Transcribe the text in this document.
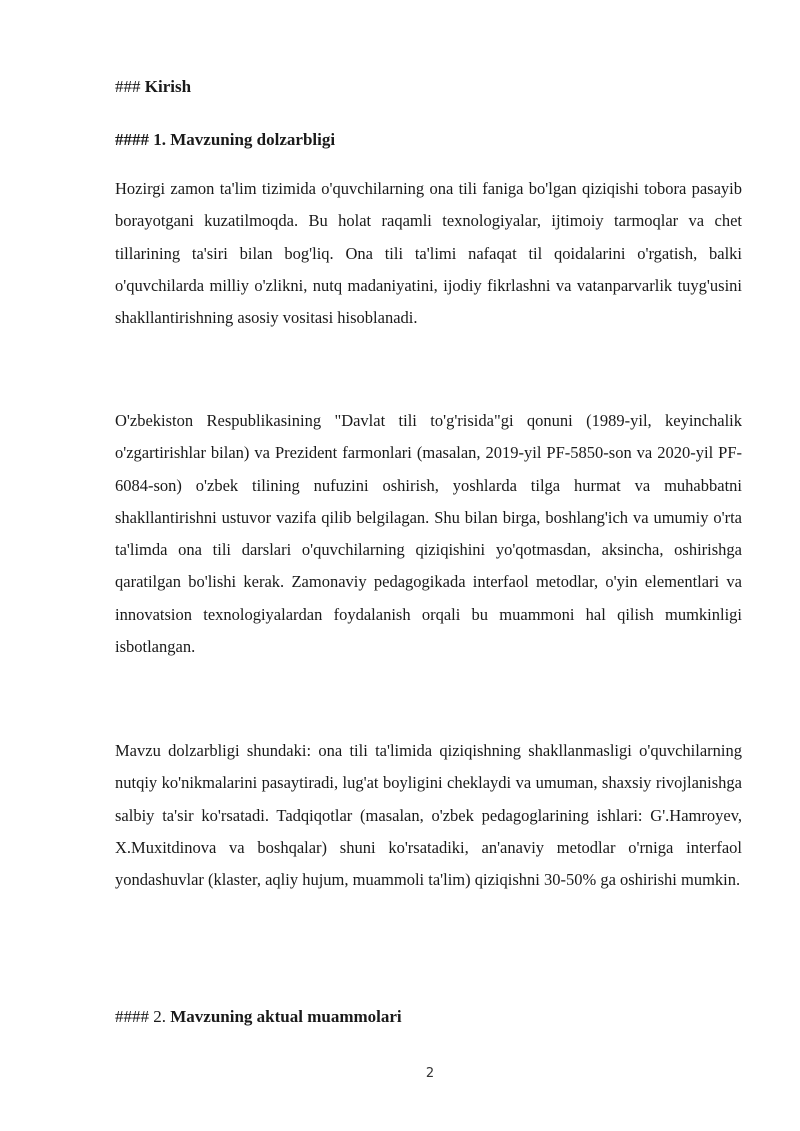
### Kirish
#### 1. Mavzuning dolzarbligi

Hozirgi zamon ta'lim tizimida o'quvchilarning ona tili faniga bo'lgan qiziqishi tobora pasayib borayotgani kuzatilmoqda. Bu holat raqamli texnologiyalar, ijtimoiy tarmoqlar va chet tillarining ta'siri bilan bog'liq. Ona tili ta'limi nafaqat til qoidalarini o'rgatish, balki o'quvchilarda milliy o'zlikni, nutq madaniyatini, ijodiy fikrlashni va vatanparvarlik tuyg'usini shakllantirishning asosiy vositasi hisoblanadi.

O'zbekiston Respublikasining "Davlat tili to'g'risida"gi qonuni (1989-yil, keyinchalik o'zgartirishlar bilan) va Prezident farmonlari (masalan, 2019-yil PF-5850-son va 2020-yil PF-6084-son) o'zbek tilining nufuzini oshirish, yoshlarda tilga hurmat va muhabbatni shakllantirishni ustuvor vazifa qilib belgilagan. Shu bilan birga, boshlang'ich va umumiy o'rta ta'limda ona tili darslari o'quvchilarning qiziqishini yo'qotmasdan, aksincha, oshirishga qaratilgan bo'lishi kerak. Zamonaviy pedagogikada interfaol metodlar, o'yin elementlari va innovatsion texnologiyalardan foydalanish orqali bu muammoni hal qilish mumkinligi isbotlangan.

Mavzu dolzarbligi shundaki: ona tili ta'limida qiziqishning shakllanmasligi o'quvchilarning nutqiy ko'nikmalarini pasaytiradi, lug'at boyligini cheklaydi va umuman, shaxsiy rivojlanishga salbiy ta'sir ko'rsatadi. Tadqiqotlar (masalan, o'zbek pedagoglarining ishlari: G'.Hamroyev, X.Muxitdinova va boshqalar) shuni ko'rsatadiki, an'anaviy metodlar o'rniga interfaol yondashuvlar (klaster, aqliy hujum, muammoli ta'lim) qiziqishni 30-50% ga oshirishi mumkin.

#### 2. Mavzuning aktual muammolari
2
